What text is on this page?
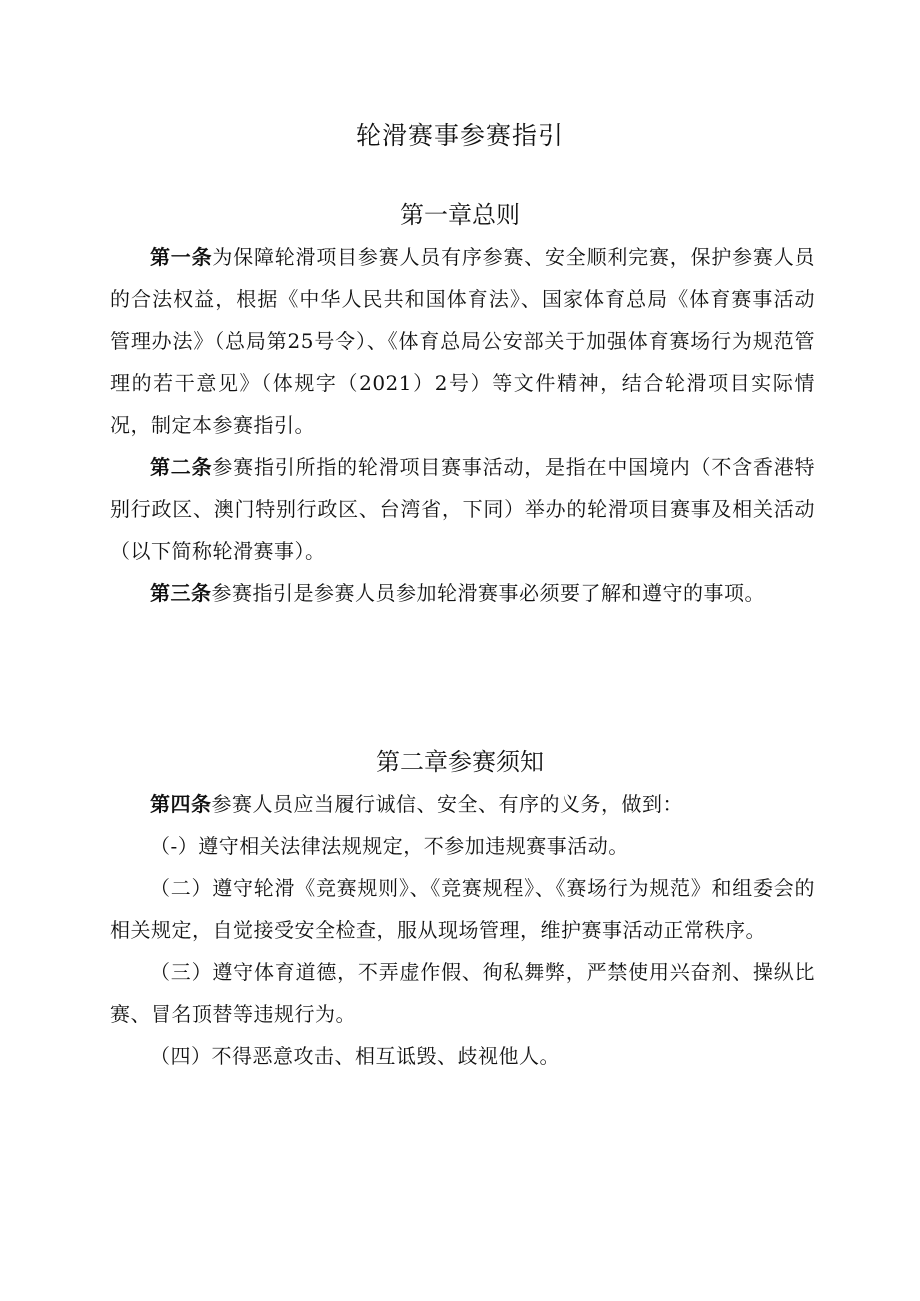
轮滑赛事参赛指引
第一章总则

第一条为保障轮滑项目参赛人员有序参赛、安全顺利完赛，保护参赛人员的合法权益，根据《中华人民共和国体育法》、国家体育总局《体育赛事活动管理办法》（总局第25号令）、《体育总局公安部关于加强体育赛场行为规范管理的若干意见》（体规字（2021）2号）等文件精神，结合轮滑项目实际情况，制定本参赛指引。

第二条参赛指引所指的轮滑项目赛事活动，是指在中国境内（不含香港特别行政区、澳门特别行政区、台湾省，下同）举办的轮滑项目赛事及相关活动（以下简称轮滑赛事）。

第三条参赛指引是参赛人员参加轮滑赛事必须要了解和遵守的事项。

第二章参赛须知

第四条参赛人员应当履行诚信、安全、有序的义务，做到：

（-）遵守相关法律法规规定，不参加违规赛事活动。

（二）遵守轮滑《竞赛规则》、《竞赛规程》、《赛场行为规范》和组委会的相关规定，自觉接受安全检查，服从现场管理，维护赛事活动正常秩序。

（三）遵守体育道德，不弄虚作假、徇私舞弊，严禁使用兴奋剂、操纵比赛、冒名顶替等违规行为。

（四）不得恶意攻击、相互诋毁、歧视他人。
